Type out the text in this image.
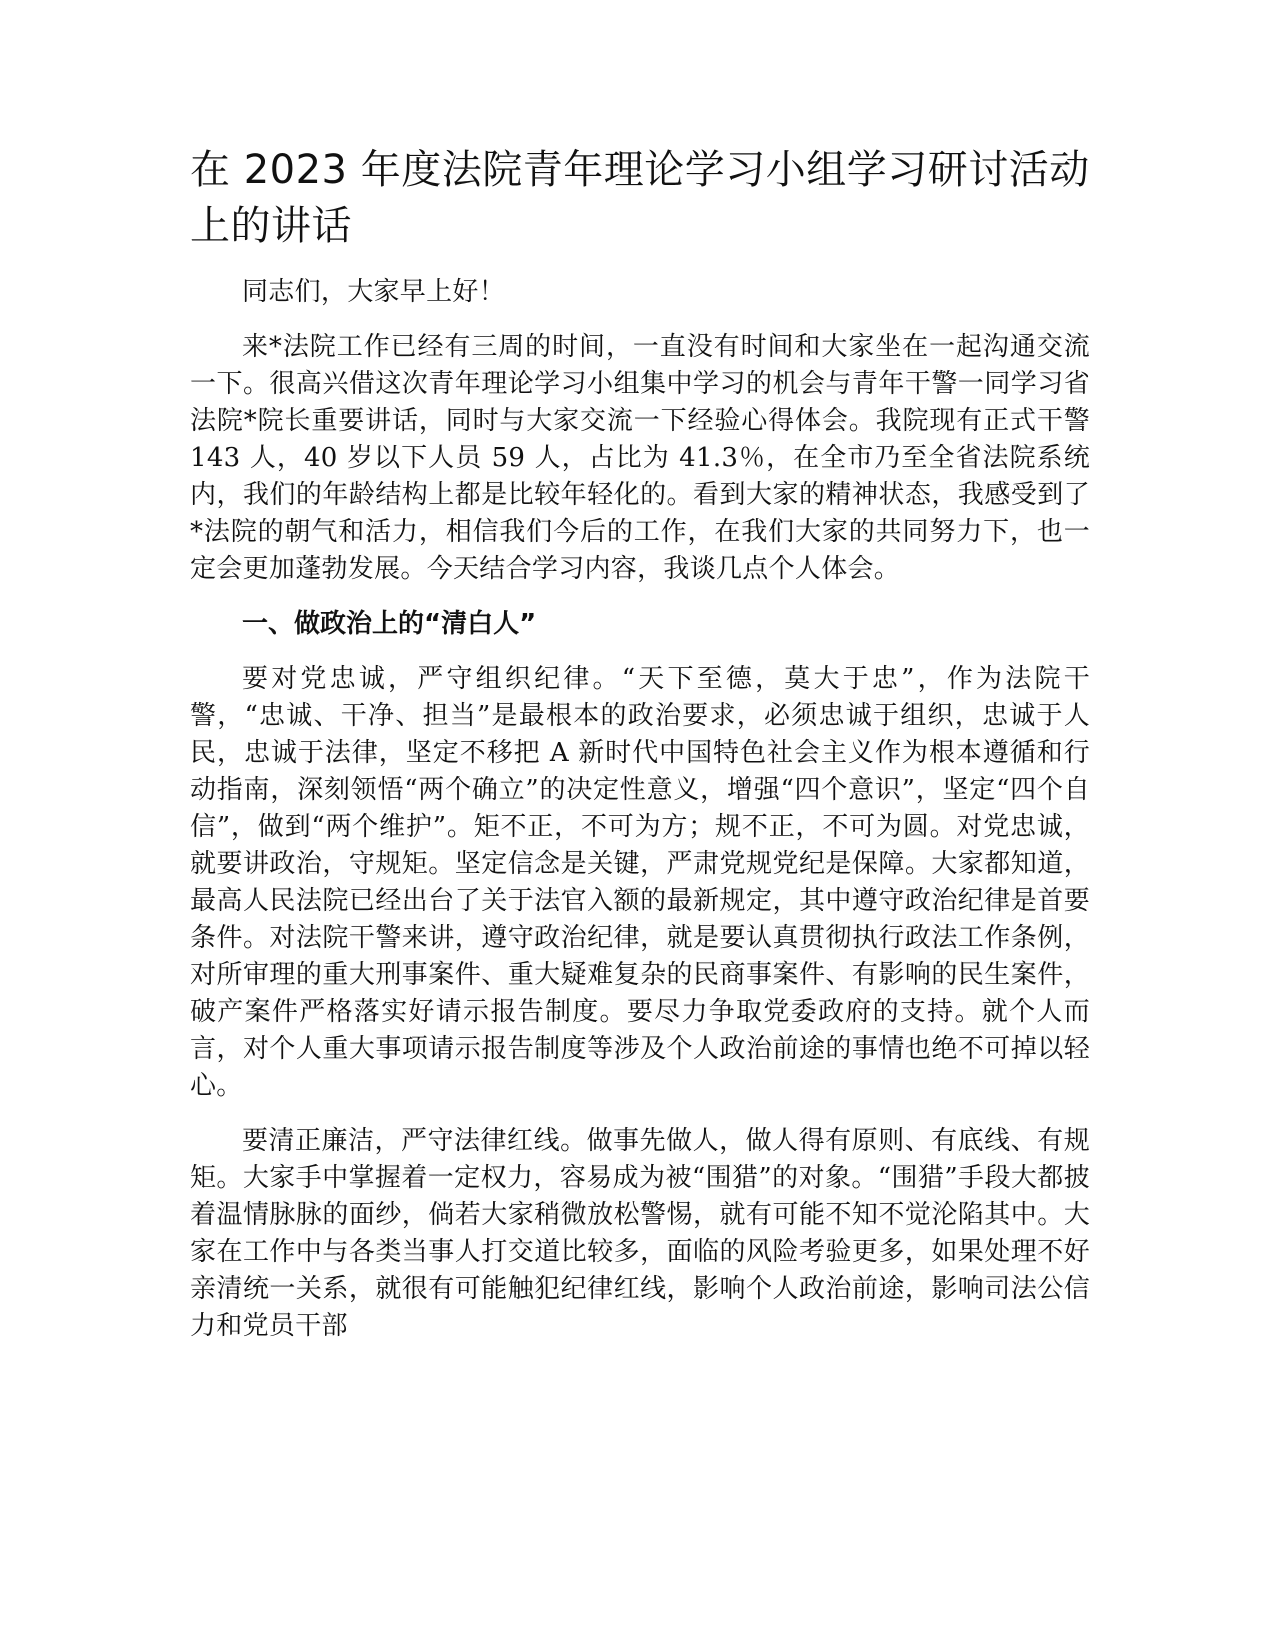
在 2023 年度法院青年理论学习小组学习研讨活动上的讲话

同志们，大家早上好！

来*法院工作已经有三周的时间，一直没有时间和大家坐在一起沟通交流一下。很高兴借这次青年理论学习小组集中学习的机会与青年干警一同学习省法院*院长重要讲话，同时与大家交流一下经验心得体会。我院现有正式干警 143 人，40 岁以下人员 59 人，占比为 41.3％，在全市乃至全省法院系统内，我们的年龄结构上都是比较年轻化的。看到大家的精神状态，我感受到了*法院的朝气和活力，相信我们今后的工作，在我们大家的共同努力下，也一定会更加蓬勃发展。今天结合学习内容，我谈几点个人体会。

一、做政治上的“清白人”

要对党忠诚，严守组织纪律。“天下至德，莫大于忠”，作为法院干警，“忠诚、干净、担当”是最根本的政治要求，必须忠诚于组织，忠诚于人民，忠诚于法律，坚定不移把 A 新时代中国特色社会主义作为根本遵循和行动指南，深刻领悟“两个确立”的决定性意义，增强“四个意识”，坚定“四个自信”，做到“两个维护”。矩不正，不可为方；规不正，不可为圆。对党忠诚，就要讲政治，守规矩。坚定信念是关键，严肃党规党纪是保障。大家都知道，最高人民法院已经出台了关于法官入额的最新规定，其中遵守政治纪律是首要条件。对法院干警来讲，遵守政治纪律，就是要认真贯彻执行政法工作条例，对所审理的重大刑事案件、重大疑难复杂的民商事案件、有影响的民生案件，破产案件严格落实好请示报告制度。要尽力争取党委政府的支持。就个人而言，对个人重大事项请示报告制度等涉及个人政治前途的事情也绝不可掉以轻心。

要清正廉洁，严守法律红线。做事先做人，做人得有原则、有底线、有规矩。大家手中掌握着一定权力，容易成为被“围猎”的对象。“围猎”手段大都披着温情脉脉的面纱，倘若大家稍微放松警惕，就有可能不知不觉沦陷其中。大家在工作中与各类当事人打交道比较多，面临的风险考验更多，如果处理不好亲清统一关系，就很有可能触犯纪律红线，影响个人政治前途，影响司法公信力和党员干部
